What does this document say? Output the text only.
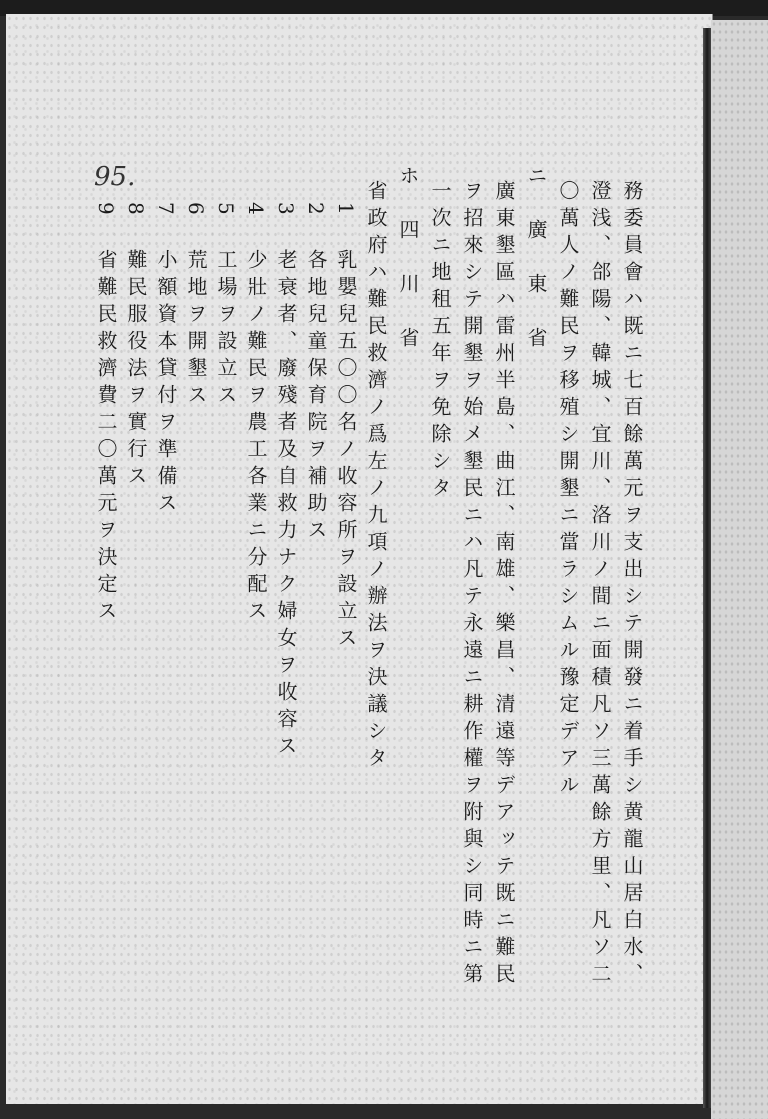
95.
務委員會ハ既ニ七百餘萬元ヲ支出シテ開發ニ着手シ黄龍山居白水、
澄浅、郃陽、韓城、宜川、洛川ノ間ニ面積凡ソ三萬餘方里、凡ソ二
〇萬人ノ難民ヲ移殖シ開墾ニ當ラシムル豫定デアル
ニ　廣　東　省
廣東墾區ハ雷州半島、曲江、南雄、樂昌、清遠等デアッテ既ニ難民
ヲ招來シテ開墾ヲ始メ墾民ニハ凡テ永遠ニ耕作權ヲ附與シ同時ニ第
一次ニ地租五年ヲ免除シタ
ホ　四　川　省
省政府ハ難民救濟ノ爲左ノ九項ノ辦法ヲ決議シタ
1　乳嬰兒五〇〇名ノ收容所ヲ設立ス
2　各地兒童保育院ヲ補助ス
3　老衰者、廢殘者及自救力ナク婦女ヲ收容ス
4　少壯ノ難民ヲ農工各業ニ分配ス
5　工場ヲ設立ス
6　荒地ヲ開墾ス
7　小額資本貸付ヲ準備ス
8　難民服役法ヲ實行ス
9　省難民救濟費二〇萬元ヲ決定ス
